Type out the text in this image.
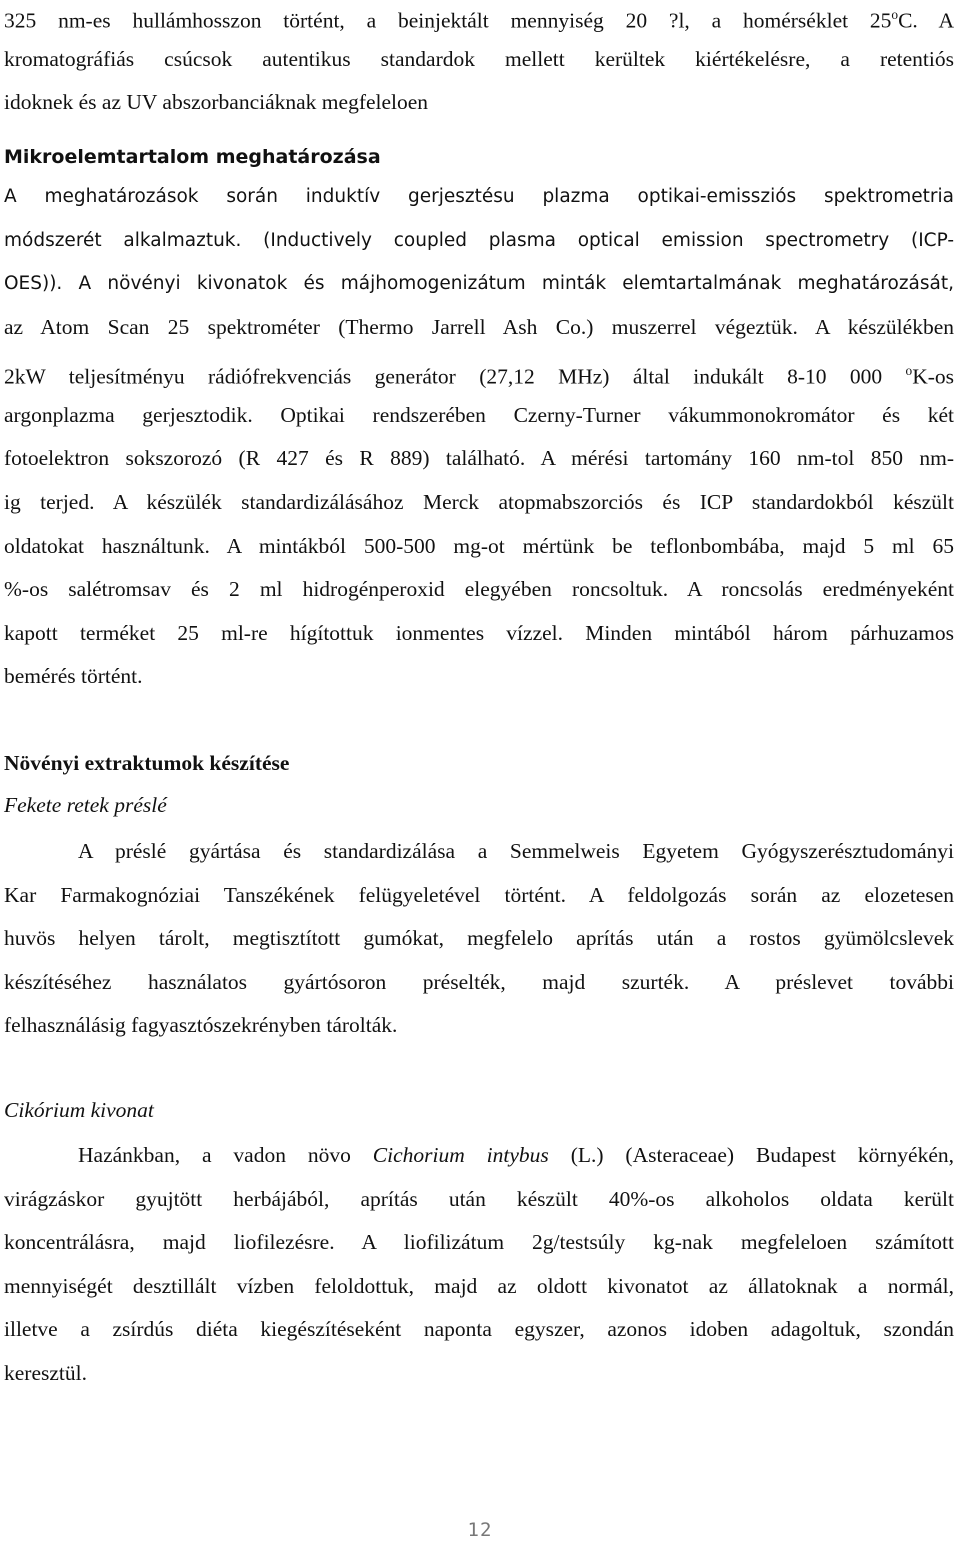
325 nm-es hullámhosszon történt, a beinjektált mennyiség 20 ?l, a homérséklet 25$^o$C. A
kromatográfiás csúcsok autentikus standardok mellett kerültek kiértékelésre, a retentiós
idoknek és az UV abszorbanciáknak megfeleloen
Mikroelemtartalom meghatározása
A meghatározások során induktív gerjesztésu plazma optikai-emissziós spektrometria
módszerét alkalmaztuk. (Inductively coupled plasma optical emission spectrometry (ICP-
OES)). A növényi kivonatok és májhomogenizátum minták elemtartalmának meghatározását,
az Atom Scan 25 spektrométer (Thermo Jarrell Ash Co.) muszerrel végeztük. A készülékben
2kW teljesítményu rádiófrekvenciás generátor (27,12 MHz) által indukált 8-10 000 $^o$K-os
argonplazma gerjesztodik. Optikai rendszerében Czerny-Turner vákummonokromátor és két
fotoelektron sokszorozó (R 427 és R 889) található. A mérési tartomány 160 nm-tol 850 nm-
ig terjed. A készülék standardizálásához Merck atopmabszorciós és ICP standardokból készült
oldatokat használtunk. A mintákból 500-500 mg-ot mértünk be teflonbombába, majd 5 ml 65
%-os salétromsav és 2 ml hidrogénperoxid elegyében roncsoltuk. A roncsolás eredményeként
kapott terméket 25 ml-re hígítottuk ionmentes vízzel. Minden mintából három párhuzamos
bemérés történt.
Növényi extraktumok készítése
Fekete retek préslé
A préslé gyártása és standardizálása a Semmelweis Egyetem Gyógyszerésztudományi
Kar Farmakognóziai Tanszékének felügyeletével történt. A feldolgozás során az elozetesen
huvös helyen tárolt, megtisztított gumókat, megfelelo aprítás után a rostos gyümölcslevek
készítéséhez használatos gyártósoron préselték, majd szurték. A préslevet további
felhasználásig fagyasztószekrényben tárolták.
Cikórium kivonat
Hazánkban, a vadon növo Cichorium intybus (L.) (Asteraceae) Budapest környékén,
virágzáskor gyujtött herbájából, aprítás után készült 40%-os alkoholos oldata került
koncentrálásra, majd liofilezésre. A liofilizátum 2g/testsúly kg-nak megfeleloen számított
mennyiségét desztillált vízben feloldottuk, majd az oldott kivonatot az állatoknak a normál,
illetve a zsírdús diéta kiegészítéseként naponta egyszer, azonos idoben adagoltuk, szondán
keresztül.
12
